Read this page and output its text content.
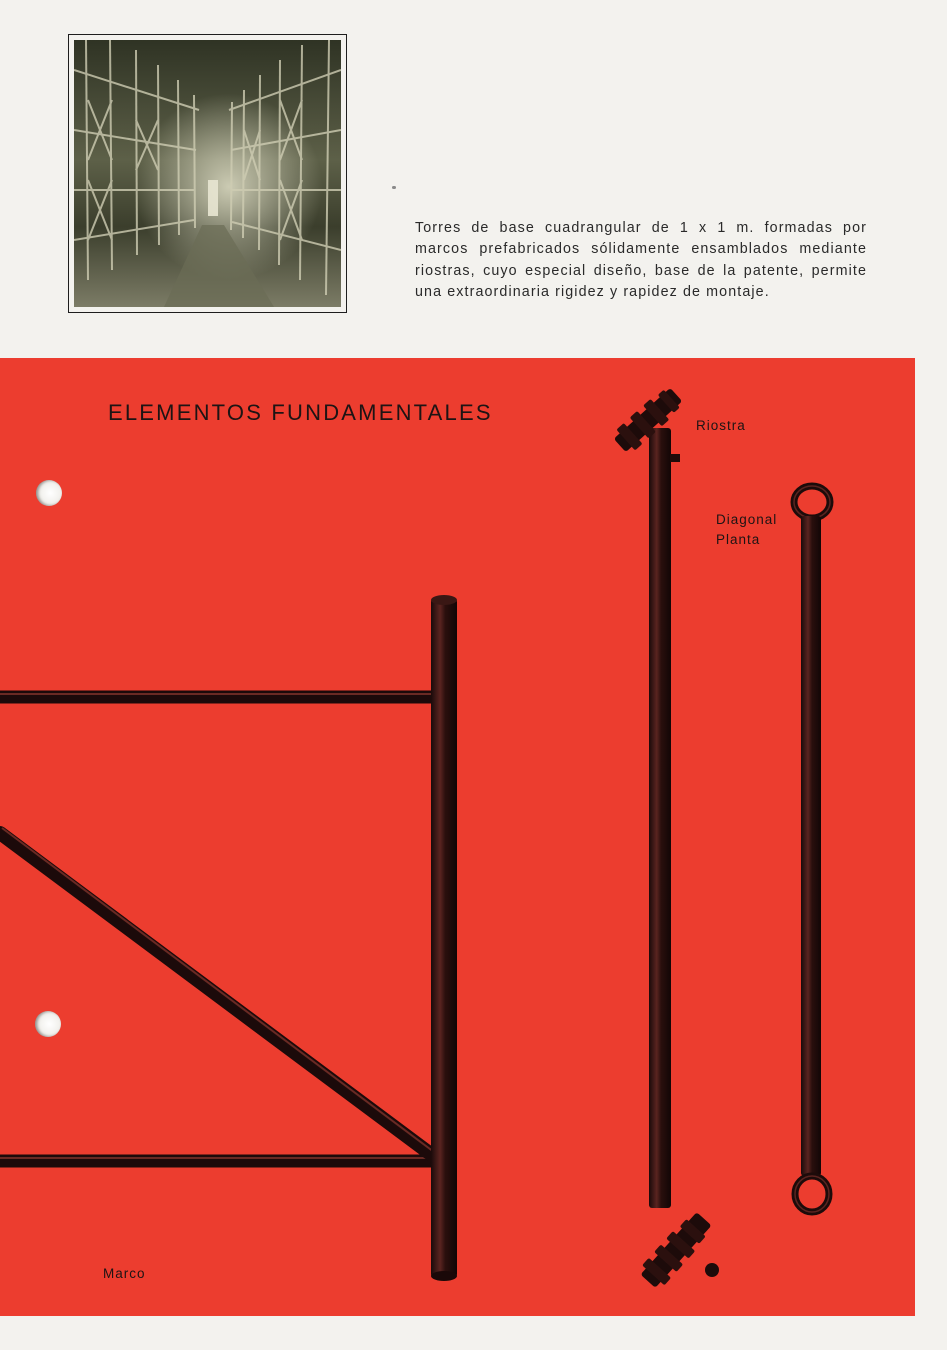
Torres de base cuadrangular de 1 x 1 m. formadas por marcos prefabricados sólidamente ensamblados mediante riostras, cuyo especial diseño, base de la patente, permite una extraordinaria rigidez y rapidez de montaje.

ELEMENTOS FUNDAMENTALES
Riostra
Diagonal
Planta
Marco
